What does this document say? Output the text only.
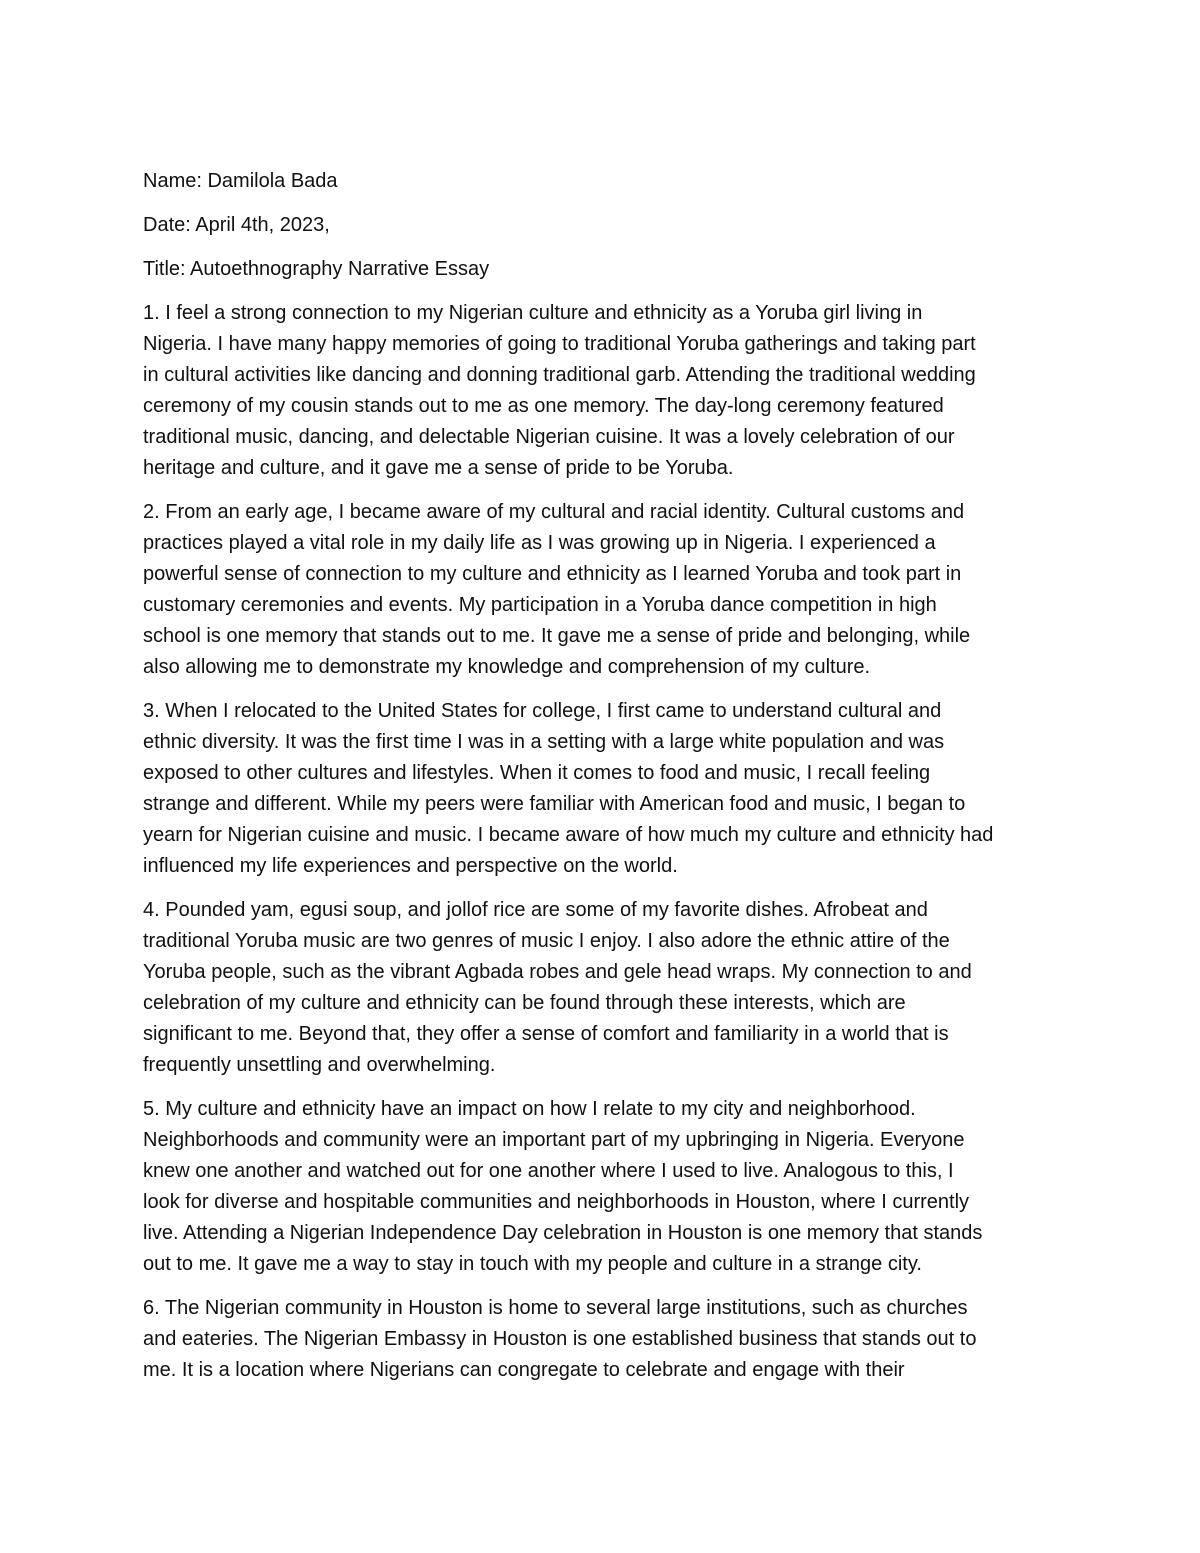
Name: Damilola Bada

Date: April 4th, 2023,

Title: Autoethnography Narrative Essay

1. I feel a strong connection to my Nigerian culture and ethnicity as a Yoruba girl living in
Nigeria. I have many happy memories of going to traditional Yoruba gatherings and taking part
in cultural activities like dancing and donning traditional garb. Attending the traditional wedding
ceremony of my cousin stands out to me as one memory. The day-long ceremony featured
traditional music, dancing, and delectable Nigerian cuisine. It was a lovely celebration of our
heritage and culture, and it gave me a sense of pride to be Yoruba.

2. From an early age, I became aware of my cultural and racial identity. Cultural customs and
practices played a vital role in my daily life as I was growing up in Nigeria. I experienced a
powerful sense of connection to my culture and ethnicity as I learned Yoruba and took part in
customary ceremonies and events. My participation in a Yoruba dance competition in high
school is one memory that stands out to me. It gave me a sense of pride and belonging, while
also allowing me to demonstrate my knowledge and comprehension of my culture.

3. When I relocated to the United States for college, I first came to understand cultural and
ethnic diversity. It was the first time I was in a setting with a large white population and was
exposed to other cultures and lifestyles. When it comes to food and music, I recall feeling
strange and different. While my peers were familiar with American food and music, I began to
yearn for Nigerian cuisine and music. I became aware of how much my culture and ethnicity had
influenced my life experiences and perspective on the world.

4. Pounded yam, egusi soup, and jollof rice are some of my favorite dishes. Afrobeat and
traditional Yoruba music are two genres of music I enjoy. I also adore the ethnic attire of the
Yoruba people, such as the vibrant Agbada robes and gele head wraps. My connection to and
celebration of my culture and ethnicity can be found through these interests, which are
significant to me. Beyond that, they offer a sense of comfort and familiarity in a world that is
frequently unsettling and overwhelming.

5. My culture and ethnicity have an impact on how I relate to my city and neighborhood.
Neighborhoods and community were an important part of my upbringing in Nigeria. Everyone
knew one another and watched out for one another where I used to live. Analogous to this, I
look for diverse and hospitable communities and neighborhoods in Houston, where I currently
live. Attending a Nigerian Independence Day celebration in Houston is one memory that stands
out to me. It gave me a way to stay in touch with my people and culture in a strange city.

6. The Nigerian community in Houston is home to several large institutions, such as churches
and eateries. The Nigerian Embassy in Houston is one established business that stands out to
me. It is a location where Nigerians can congregate to celebrate and engage with their
